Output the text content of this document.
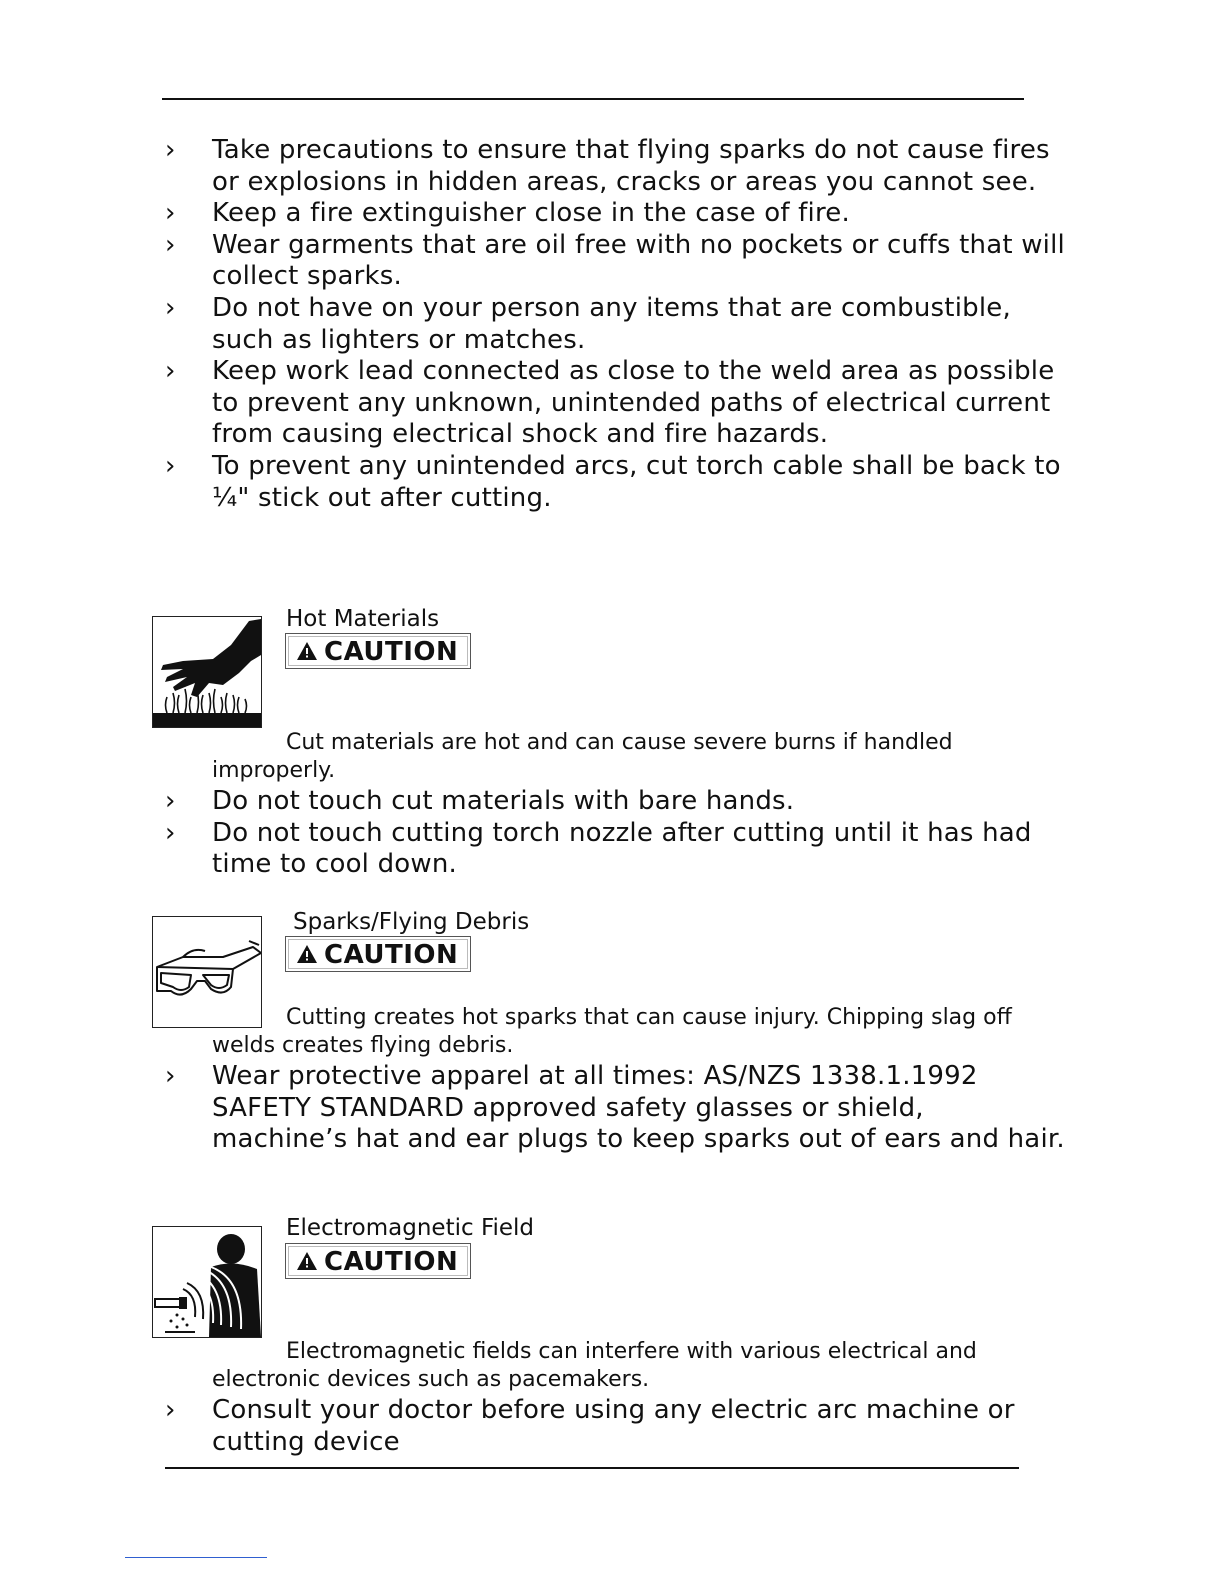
› Take precautions to ensure that flying sparks do not cause fires or explosions in hidden areas, cracks or areas you cannot see.
› Keep a fire extinguisher close in the case of fire.
› Wear garments that are oil free with no pockets or cuffs that will collect sparks.
› Do not have on your person any items that are combustible, such as lighters or matches.
› Keep work lead connected as close to the weld area as possible to prevent any unknown, unintended paths of electrical current from causing electrical shock and fire hazards.
› To prevent any unintended arcs, cut torch cable shall be back to ¼" stick out after cutting.
Hot Materials
CAUTION
Cut materials are hot and can cause severe burns if handled improperly.
› Do not touch cut materials with bare hands.
› Do not touch cutting torch nozzle after cutting until it has had time to cool down.
Sparks/Flying Debris
CAUTION
Cutting creates hot sparks that can cause injury. Chipping slag off welds creates flying debris.
› Wear protective apparel at all times: AS/NZS 1338.1.1992 SAFETY STANDARD approved safety glasses or shield, machine’s hat and ear plugs to keep sparks out of ears and hair.
Electromagnetic Field
CAUTION
Electromagnetic fields can interfere with various electrical and electronic devices such as pacemakers.
› Consult your doctor before using any electric arc machine or cutting device
